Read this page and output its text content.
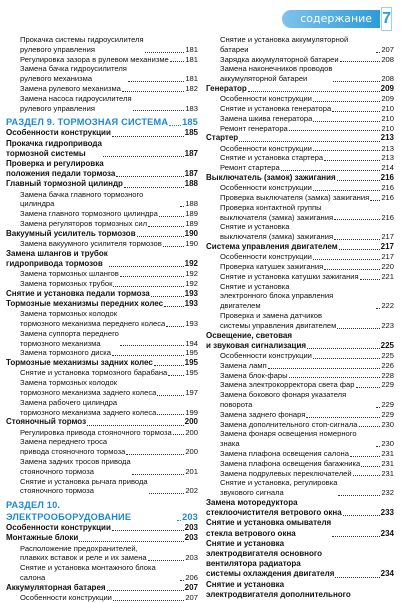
содержание 7
Прокачка системы гидроусилителя
рулевого управления	181
Регулировка зазора в рулевом механизме 181
Замена бачка гидроусилителя
рулевого механизма	181
Замена рулевого механизма	182
Замена насоса гидроусилителя
рулевого управления	183
РАЗДЕЛ 9. ТОРМОЗНАЯ СИСТЕМА 185
Особенности конструкции	185
Прокачка гидропривода
тормозной системы	187
Проверка и регулировка
положения педали тормоза	187
Главный тормозной цилиндр	188
Замена бачка главного тормозного цилиндра	188
Замена главного тормозного цилиндра	189
Замена регуляторов тормозных сил	189
Вакуумный усилитель тормозов	190
Замена вакуумного усилителя тормозов	190
Замена шлангов и трубок
гидропривода тормозов	192
Замена тормозных шлангов	192
Замена тормозных трубок	192
Снятие и установка педали тормоза	193
Тормозные механизмы передних колес	193
Замена тормозных колодок
тормозного механизма переднего колеса	193
Замена суппорта переднего
тормозного механизма	194
Замена тормозного диска	195
Тормозные механизмы задних колес	195
Снятие и установка тормозного барабана 195
Замена тормозных колодок
тормозного механизма заднего колеса	197
Замена рабочего цилиндра
тормозного механизма заднего колеса	199
Стояночный тормоз	200
Регулировка привода стояночного тормоза 200
Замена переднего троса
привода стояночного тормоза	200
Замена задних тросов привода
стояночного тормоза	201
Снятие и установка рычага привода
стояночного тормоза	202
РАЗДЕЛ 10. ЭЛЕКТРООБОРУДОВАНИЕ	203
Особенности конструкции	203
Монтажные блоки	203
Расположение предохранителей,
плавких вставок и реле и их замена	203
Снятие и установка монтажного блока салона	206
Аккумуляторная батарея	207
Особенности конструкции	207
Снятие и установка аккумуляторной батареи	207
Зарядка аккумуляторной батареи	208
Замена наконечников проводов
аккумуляторной батареи	208
Генератор	209
Особенности конструкции	209
Снятие и установка генератора	210
Замена шкива генератора	210
Ремонт генератора	210
Стартер	213
Особенности конструкции	213
Снятие и установка стартера	213
Ремонт стартера	214
Выключатель (замок) зажигания	216
Особенности конструкции	216
Проверка выключателя (замка) зажигания 216
Проверка контактной группы
выключателя (замка) зажигания	216
Снятие и установка
выключателя (замка) зажигания	217
Система управления двигателем	217
Особенности конструкции	217
Проверка катушек зажигания	220
Снятие и установка катушки зажигания	221
Снятие и установка
электронного блока управления двигателем	222
Проверка и замена датчиков
системы управления двигателем	223
Освещение, световая
и звуковая сигнализация	225
Особенности конструкции	225
Замена ламп	226
Замена блок-фары	228
Замена электрокорректора света фар	229
Замена бокового фонаря указателя поворота	229
Замена заднего фонаря	229
Замена дополнительного стоп-сигнала	230
Замена фонаря освещения номерного знака	230
Замена плафона освещения салона	231
Замена плафона освещения багажника	231
Замена подрулевых переключателей	231
Снятие и установка, регулировка
звукового сигнала	232
Замена моторедуктора
стеклоочистителя ветрового окна	233
Снятие и установка омывателя
стекла ветрового окна	234
Снятие и установка
электродвигателя основного
вентилятора радиатора
системы охлаждения двигателя	234
Снятие и установка
электродвигателя дополнительного
